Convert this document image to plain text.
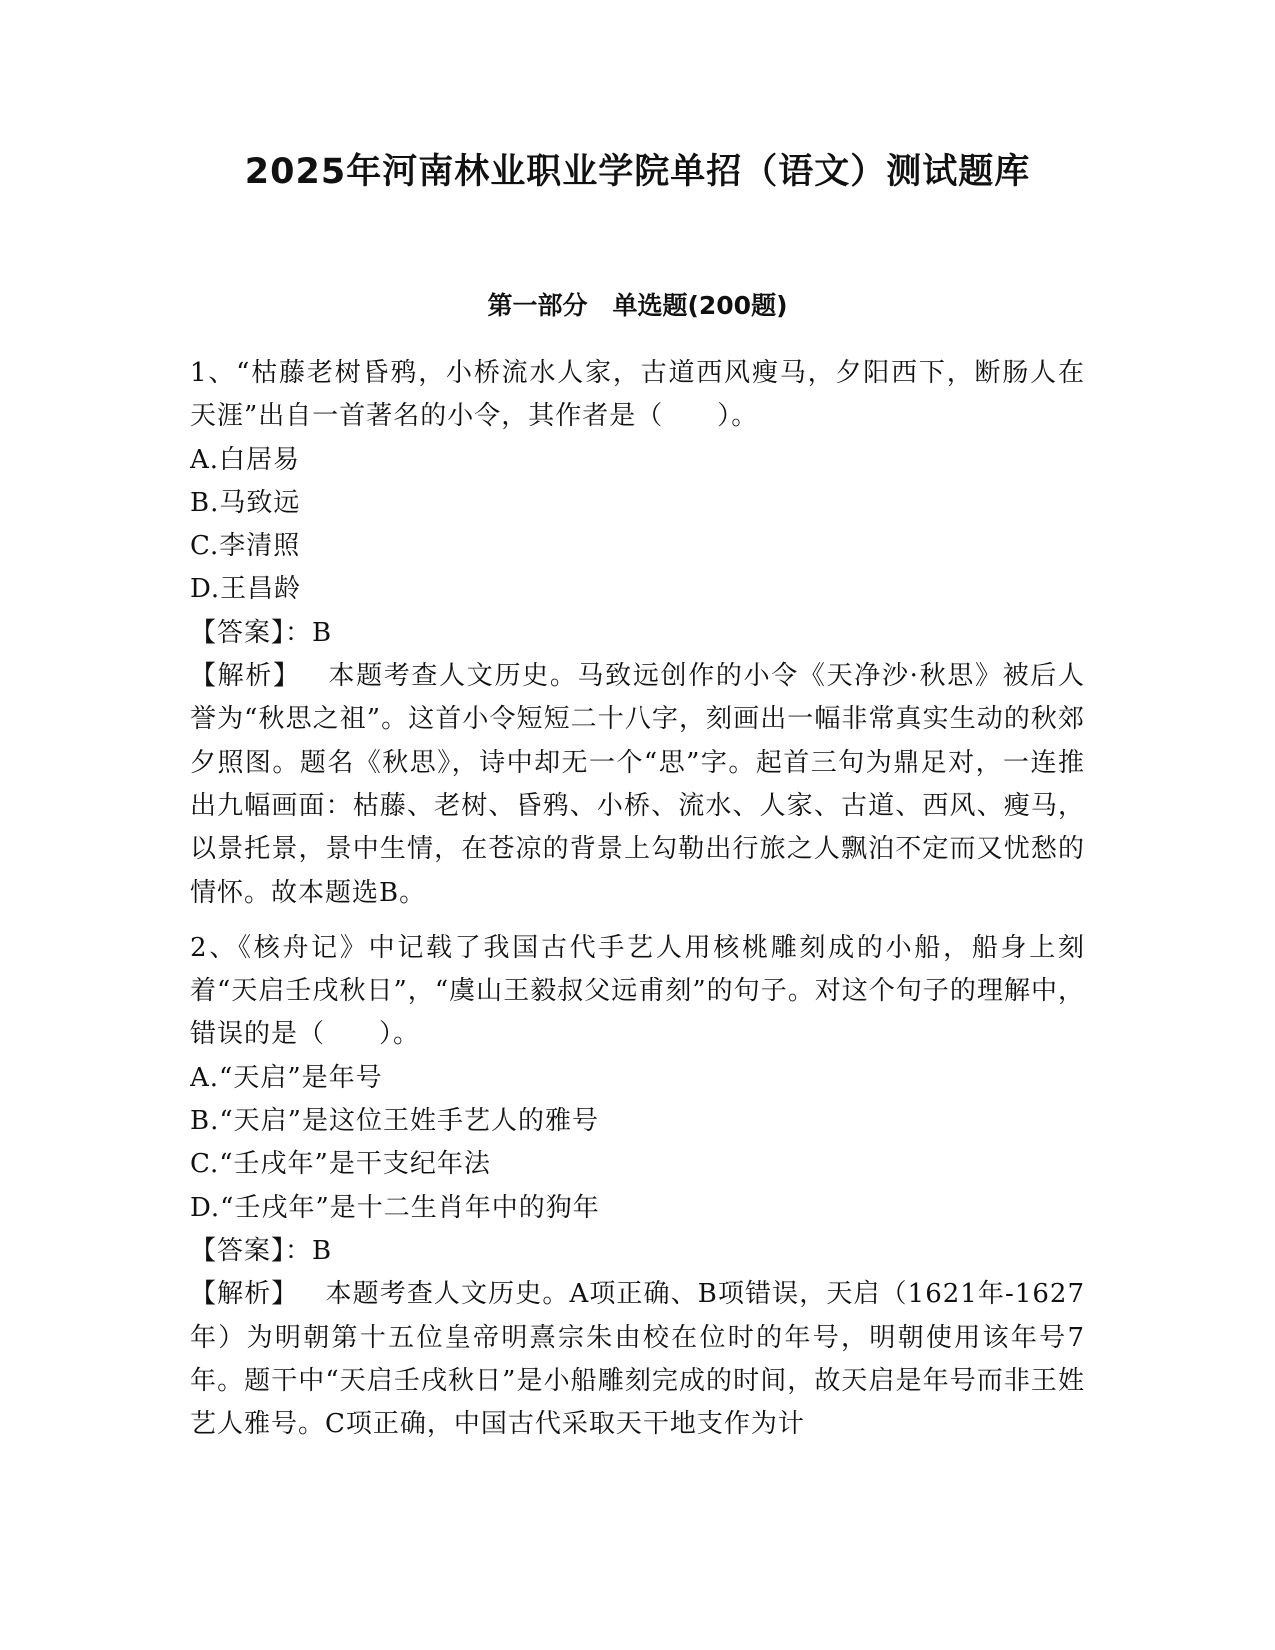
2025年河南林业职业学院单招（语文）测试题库
第一部分　单选题(200题)
1、“枯藤老树昏鸦，小桥流水人家，古道西风瘦马，夕阳西下，断肠人在天涯”出自一首著名的小令，其作者是（　　）。
A.白居易
B.马致远
C.李清照
D.王昌龄
【答案】：B
【解析】  本题考查人文历史。马致远创作的小令《天净沙·秋思》被后人誉为“秋思之祖”。这首小令短短二十八字，刻画出一幅非常真实生动的秋郊夕照图。题名《秋思》，诗中却无一个“思”字。起首三句为鼎足对，一连推出九幅画面：枯藤、老树、昏鸦、小桥、流水、人家、古道、西风、瘦马，以景托景，景中生情，在苍凉的背景上勾勒出行旅之人飘泊不定而又忧愁的情怀。故本题选B。
2、《核舟记》中记载了我国古代手艺人用核桃雕刻成的小船，船身上刻着“天启壬戌秋日”，“虞山王毅叔父远甫刻”的句子。对这个句子的理解中，错误的是（　　）。
A.“天启”是年号
B.“天启”是这位王姓手艺人的雅号
C.“壬戌年”是干支纪年法
D.“壬戌年”是十二生肖年中的狗年
【答案】：B
【解析】  本题考查人文历史。A项正确、B项错误，天启（1621年-1627年）为明朝第十五位皇帝明熹宗朱由校在位时的年号，明朝使用该年号7年。题干中“天启壬戌秋日”是小船雕刻完成的时间，故天启是年号而非王姓艺人雅号。C项正确，中国古代采取天干地支作为计
